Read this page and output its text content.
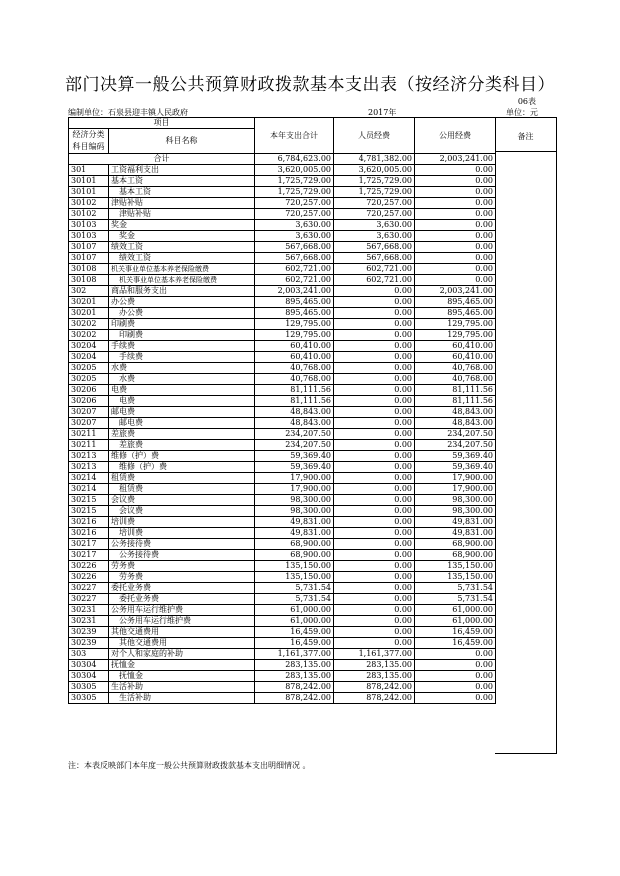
部门决算一般公共预算财政拨款基本支出表（按经济分类科目）
06表
编制单位：石泉县迎丰镇人民政府	2017年	单位：元
项目		本年支出合计	人员经费	公用经费
经济分类
科目编码	科目名称			

合计		6,784,623.00	4,781,382.00	2,003,241.00
301	工资福利支出	3,620,005.00	3,620,005.00	0.00
30101	基本工资	1,725,729.00	1,725,729.00	0.00
30101	基本工资	1,725,729.00	1,725,729.00	0.00
30102	津贴补贴	720,257.00	720,257.00	0.00
30102	津贴补贴	720,257.00	720,257.00	0.00
30103	奖金	3,630.00	3,630.00	0.00
30103	奖金	3,630.00	3,630.00	0.00
30107	绩效工资	567,668.00	567,668.00	0.00
30107	绩效工资	567,668.00	567,668.00	0.00
30108	机关事业单位基本养老保险缴费	602,721.00	602,721.00	0.00
30108	机关事业单位基本养老保险缴费	602,721.00	602,721.00	0.00
302	商品和服务支出	2,003,241.00	0.00	2,003,241.00
30201	办公费	895,465.00	0.00	895,465.00
30201	办公费	895,465.00	0.00	895,465.00
30202	印刷费	129,795.00	0.00	129,795.00
30202	印刷费	129,795.00	0.00	129,795.00
30204	手续费	60,410.00	0.00	60,410.00
30204	手续费	60,410.00	0.00	60,410.00
30205	水费	40,768.00	0.00	40,768.00
30205	水费	40,768.00	0.00	40,768.00
30206	电费	81,111.56	0.00	81,111.56
30206	电费	81,111.56	0.00	81,111.56
30207	邮电费	48,843.00	0.00	48,843.00
30207	邮电费	48,843.00	0.00	48,843.00
30211	差旅费	234,207.50	0.00	234,207.50
30211	差旅费	234,207.50	0.00	234,207.50
30213	维修（护）费	59,369.40	0.00	59,369.40
30213	维修（护）费	59,369.40	0.00	59,369.40
30214	租赁费	17,900.00	0.00	17,900.00
30214	租赁费	17,900.00	0.00	17,900.00
30215	会议费	98,300.00	0.00	98,300.00
30215	会议费	98,300.00	0.00	98,300.00
30216	培训费	49,831.00	0.00	49,831.00
30216	培训费	49,831.00	0.00	49,831.00
30217	公务接待费	68,900.00	0.00	68,900.00
30217	公务接待费	68,900.00	0.00	68,900.00
30226	劳务费	135,150.00	0.00	135,150.00
30226	劳务费	135,150.00	0.00	135,150.00
30227	委托业务费	5,731.54	0.00	5,731.54
30227	委托业务费	5,731.54	0.00	5,731.54
30231	公务用车运行维护费	61,000.00	0.00	61,000.00
30231	公务用车运行维护费	61,000.00	0.00	61,000.00
30239	其他交通费用	16,459.00	0.00	16,459.00
30239	其他交通费用	16,459.00	0.00	16,459.00
303	对个人和家庭的补助	1,161,377.00	1,161,377.00	0.00
30304	抚恤金	283,135.00	283,135.00	0.00
30304	抚恤金	283,135.00	283,135.00	0.00
30305	生活补助	878,242.00	878,242.00	0.00
30305	生活补助	878,242.00	878,242.00	0.00
注：本表反映部门本年度一般公共预算财政拨款基本支出明细情况 。
备注
